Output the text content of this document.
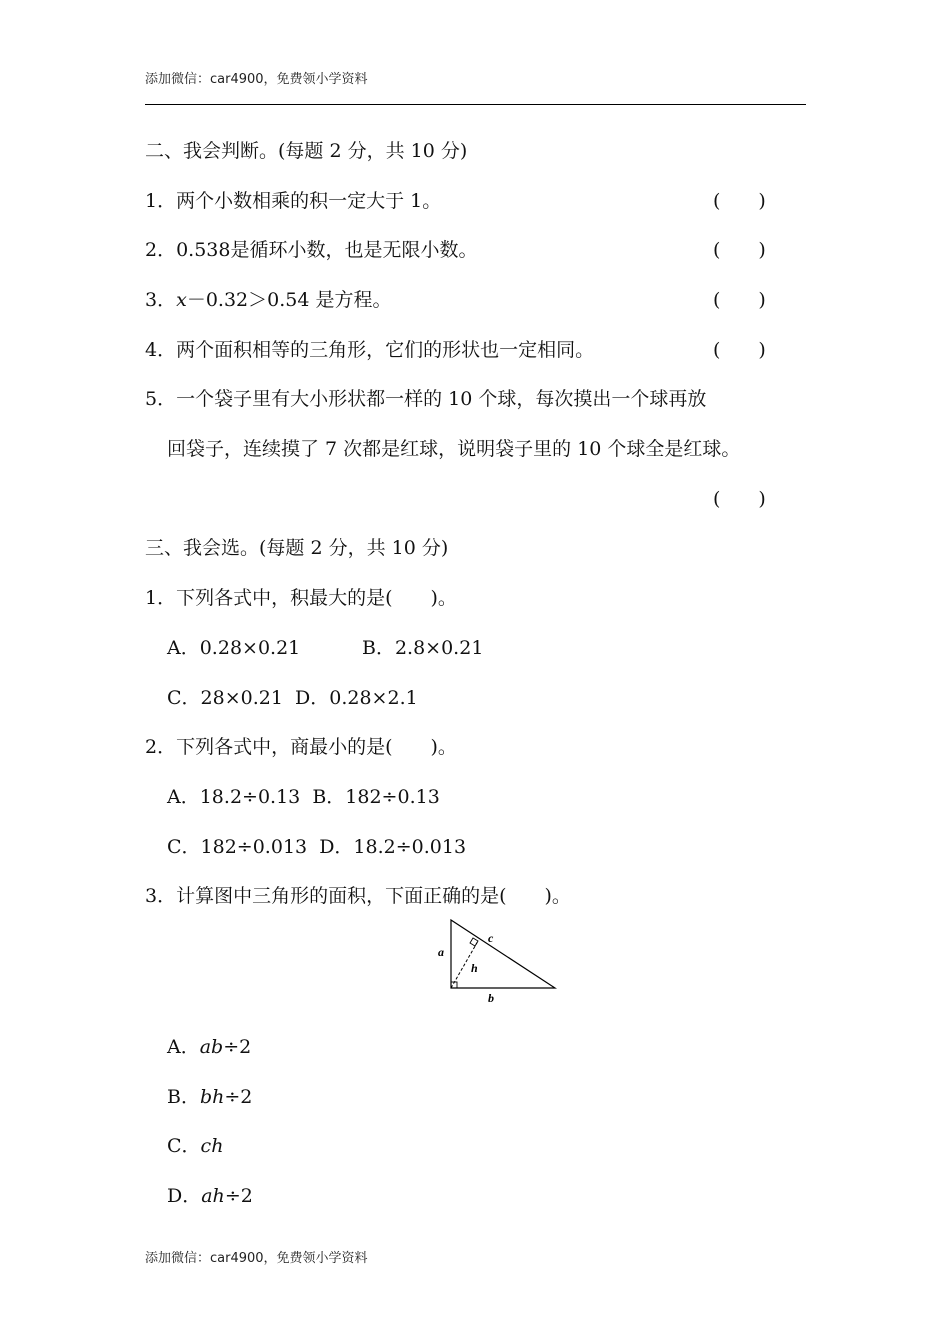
添加微信：car4900，免费领小学资料
二、我会判断。(每题 2 分，共 10 分)
1．两个小数相乘的积一定大于 1。	(　　)
2．0.538是循环小数，也是无限小数。	(　　)
3．x－0.32＞0.54 是方程。	(　　)
4．两个面积相等的三角形，它们的形状也一定相同。	(　　)
5．一个袋子里有大小形状都一样的 10 个球，每次摸出一个球再放
回袋子，连续摸了 7 次都是红球，说明袋子里的 10 个球全是红球。
(　　)
三、我会选。(每题 2 分，共 10 分)
1．下列各式中，积最大的是(　　)。
A．0.28×0.21	B．2.8×0.21
C．28×0.21  D．0.28×2.1
2．下列各式中，商最小的是(　　)。
A．18.2÷0.13  B．182÷0.13
C．182÷0.013  D．18.2÷0.013
3．计算图中三角形的面积，下面正确的是(　　)。
a
b
c
h
A．ab÷2
B．bh÷2
C．ch
D．ah÷2
添加微信：car4900，免费领小学资料
